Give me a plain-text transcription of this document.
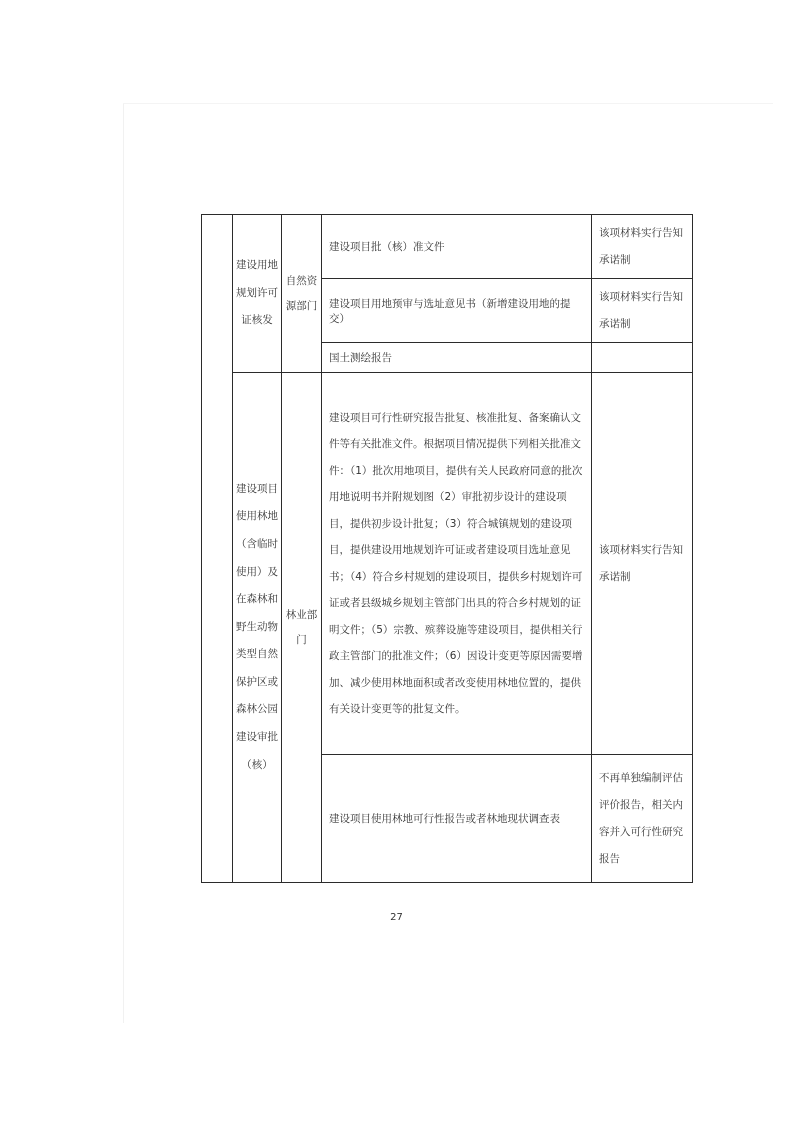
	建设用地规划许可证核发	自然资源部门	建设项目批（核）准文件	该项材料实行告知承诺制
			建设项目用地预审与选址意见书（新增建设用地的提交）	该项材料实行告知承诺制
			国土测绘报告	
	建设项目使用林地（含临时使用）及在森林和野生动物类型自然保护区或森林公园建设审批（核）	林业部门	建设项目可行性研究报告批复、核准批复、备案确认文件等有关批准文件。根据项目情况提供下列相关批准文件：（1）批次用地项目，提供有关人民政府同意的批次用地说明书并附规划图（2）审批初步设计的建设项目，提供初步设计批复；（3）符合城镇规划的建设项目，提供建设用地规划许可证或者建设项目选址意见书；（4）符合乡村规划的建设项目，提供乡村规划许可证或者县级城乡规划主管部门出具的符合乡村规划的证明文件；（5）宗教、殡葬设施等建设项目，提供相关行政主管部门的批准文件；（6）因设计变更等原因需要增加、减少使用林地面积或者改变使用林地位置的，提供有关设计变更等的批复文件。	该项材料实行告知承诺制
			建设项目使用林地可行性报告或者林地现状调查表	不再单独编制评估评价报告，相关内容并入可行性研究报告
27
